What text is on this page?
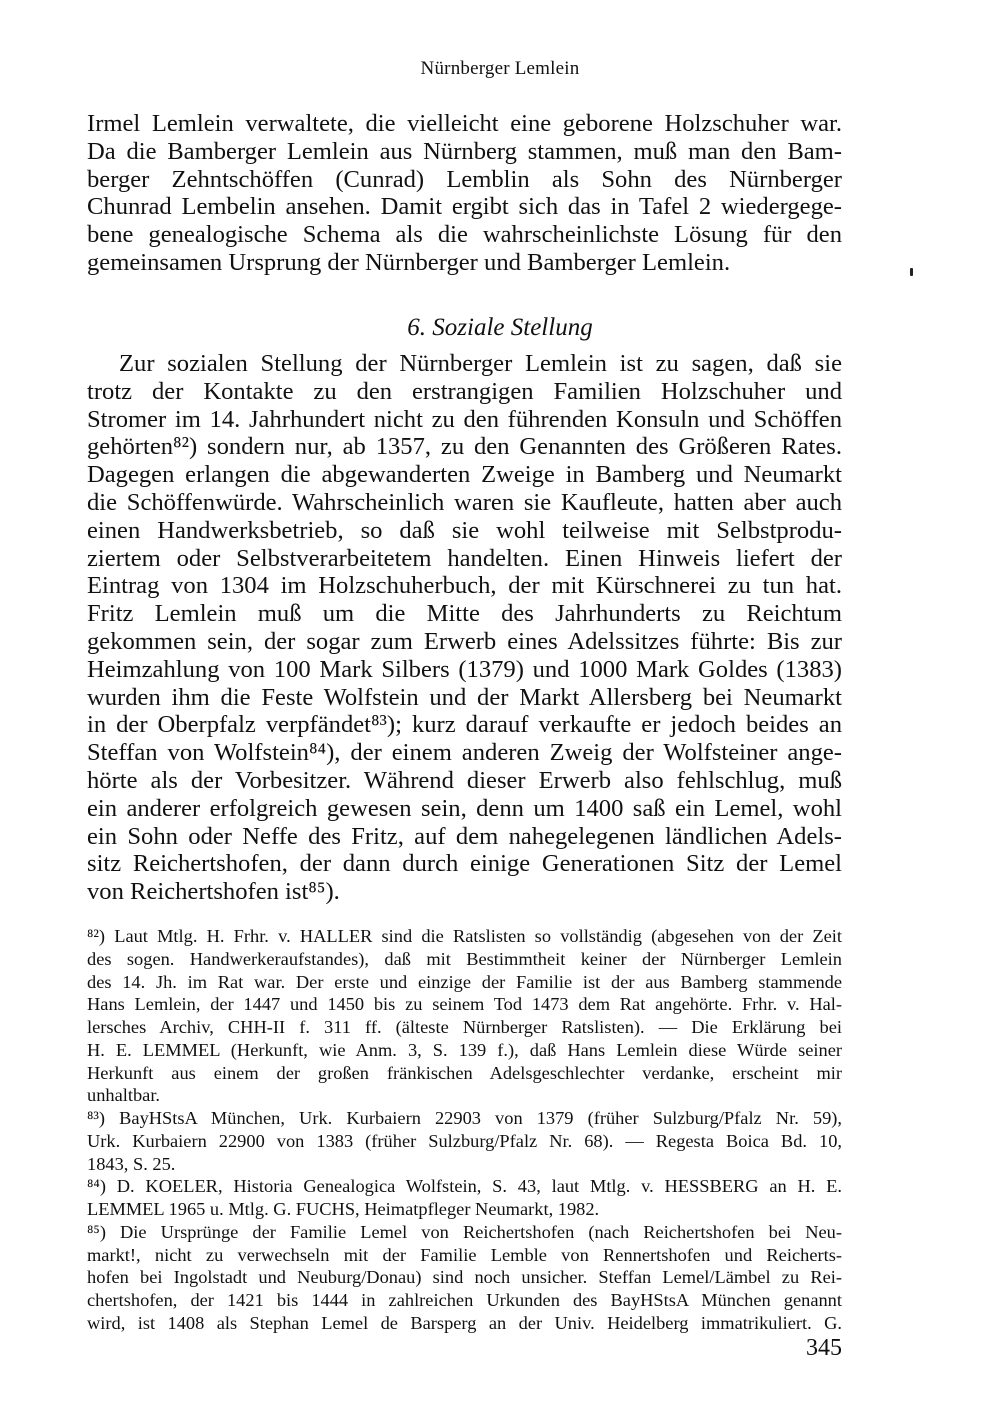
Nürnberger Lemlein
Irmel Lemlein verwaltete, die vielleicht eine geborene Holzschuher war.
Da die Bamberger Lemlein aus Nürnberg stammen, muß man den Bam-
berger Zehntschöffen (Cunrad) Lemblin als Sohn des Nürnberger
Chunrad Lembelin ansehen. Damit ergibt sich das in Tafel 2 wiedergege-
bene genealogische Schema als die wahrscheinlichste Lösung für den
gemeinsamen Ursprung der Nürnberger und Bamberger Lemlein.
6. Soziale Stellung
Zur sozialen Stellung der Nürnberger Lemlein ist zu sagen, daß sie
trotz der Kontakte zu den erstrangigen Familien Holzschuher und
Stromer im 14. Jahrhundert nicht zu den führenden Konsuln und Schöffen
gehörten⁸²) sondern nur, ab 1357, zu den Genannten des Größeren Rates.
Dagegen erlangen die abgewanderten Zweige in Bamberg und Neumarkt
die Schöffenwürde. Wahrscheinlich waren sie Kaufleute, hatten aber auch
einen Handwerksbetrieb, so daß sie wohl teilweise mit Selbstprodu-
ziertem oder Selbstverarbeitetem handelten. Einen Hinweis liefert der
Eintrag von 1304 im Holzschuherbuch, der mit Kürschnerei zu tun hat.
Fritz Lemlein muß um die Mitte des Jahrhunderts zu Reichtum
gekommen sein, der sogar zum Erwerb eines Adelssitzes führte: Bis zur
Heimzahlung von 100 Mark Silbers (1379) und 1000 Mark Goldes (1383)
wurden ihm die Feste Wolfstein und der Markt Allersberg bei Neumarkt
in der Oberpfalz verpfändet⁸³); kurz darauf verkaufte er jedoch beides an
Steffan von Wolfstein⁸⁴), der einem anderen Zweig der Wolfsteiner ange-
hörte als der Vorbesitzer. Während dieser Erwerb also fehlschlug, muß
ein anderer erfolgreich gewesen sein, denn um 1400 saß ein Lemel, wohl
ein Sohn oder Neffe des Fritz, auf dem nahegelegenen ländlichen Adels-
sitz Reichertshofen, der dann durch einige Generationen Sitz der Lemel
von Reichertshofen ist⁸⁵).
⁸²) Laut Mtlg. H. Frhr. v. HALLER sind die Ratslisten so vollständig (abgesehen von der Zeit
des sogen. Handwerkeraufstandes), daß mit Bestimmtheit keiner der Nürnberger Lemlein
des 14. Jh. im Rat war. Der erste und einzige der Familie ist der aus Bamberg stammende
Hans Lemlein, der 1447 und 1450 bis zu seinem Tod 1473 dem Rat angehörte. Frhr. v. Hal-
lersches Archiv, CHH-II f. 311 ff. (älteste Nürnberger Ratslisten). — Die Erklärung bei
H. E. LEMMEL (Herkunft, wie Anm. 3, S. 139 f.), daß Hans Lemlein diese Würde seiner
Herkunft aus einem der großen fränkischen Adelsgeschlechter verdanke, erscheint mir
unhaltbar.
⁸³) BayHStsA München, Urk. Kurbaiern 22903 von 1379 (früher Sulzburg/Pfalz Nr. 59),
Urk. Kurbaiern 22900 von 1383 (früher Sulzburg/Pfalz Nr. 68). — Regesta Boica Bd. 10,
1843, S. 25.
⁸⁴) D. KOELER, Historia Genealogica Wolfstein, S. 43, laut Mtlg. v. HESSBERG an H. E.
LEMMEL 1965 u. Mtlg. G. FUCHS, Heimatpfleger Neumarkt, 1982.
⁸⁵) Die Ursprünge der Familie Lemel von Reichertshofen (nach Reichertshofen bei Neu-
markt!, nicht zu verwechseln mit der Familie Lemble von Rennertshofen und Reicherts-
hofen bei Ingolstadt und Neuburg/Donau) sind noch unsicher. Steffan Lemel/Lämbel zu Rei-
chertshofen, der 1421 bis 1444 in zahlreichen Urkunden des BayHStsA München genannt
wird, ist 1408 als Stephan Lemel de Barsperg an der Univ. Heidelberg immatrikuliert. G.
345
